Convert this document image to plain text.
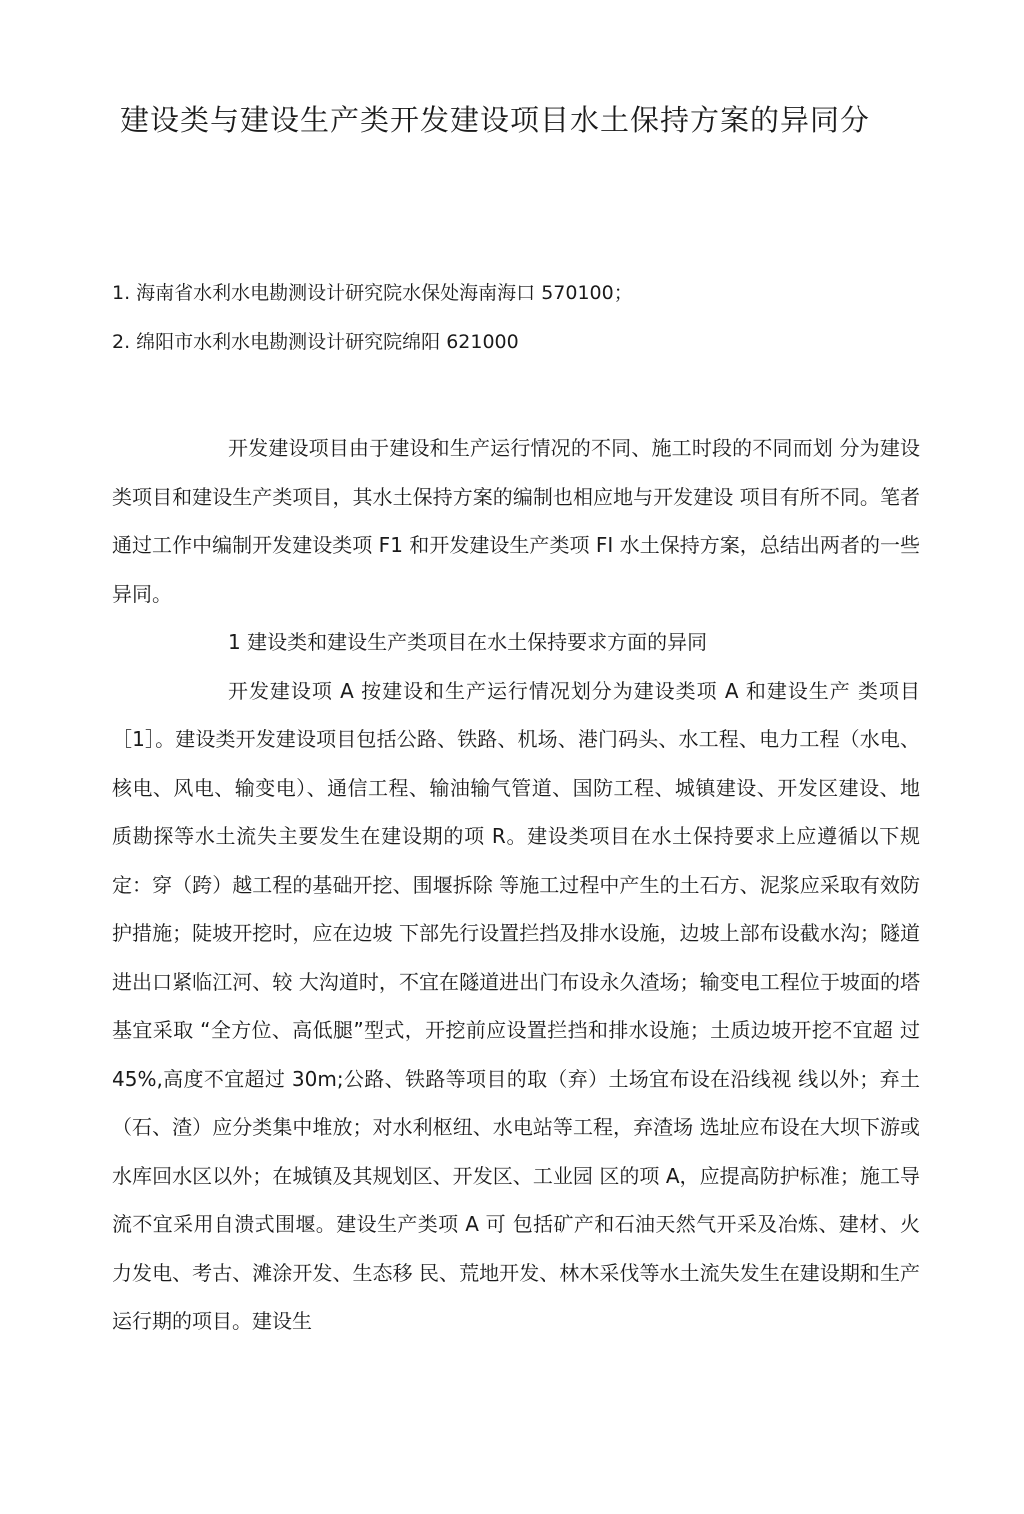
建设类与建设生产类开发建设项目水土保持方案的异同分
1. 海南省水利水电勘测设计研究院水保处海南海口 570100；
2. 绵阳市水利水电勘测设计研究院绵阳 621000

开发建设项目由于建设和生产运行情况的不同、施工时段的不同而划 分为建设类项目和建设生产类项目，其水土保持方案的编制也相应地与开发建设 项目有所不同。笔者通过工作中编制开发建设类项 F1 和开发建设生产类项 FI 水土保持方案，总结出两者的一些异同。

1 建设类和建设生产类项目在水土保持要求方面的异同

开发建设项 A 按建设和生产运行情况划分为建设类项 A 和建设生产 类项目［1］。建设类开发建设项目包括公路、铁路、机场、港门码头、水工程、电力工程（水电、核电、风电、输变电）、通信工程、输油输气管道、国防工程、城镇建设、开发区建设、地质勘探等水土流失主要发生在建设期的项 R。建设类项目在水土保持要求上应遵循以下规定：穿（跨）越工程的基础开挖、围堰拆除 等施工过程中产生的土石方、泥浆应采取有效防护措施；陡坡开挖时，应在边坡 下部先行设置拦挡及排水设施，边坡上部布设截水沟；隧道进出口紧临江河、较 大沟道时，不宜在隧道进出门布设永久渣场；输变电工程位于坡面的塔基宜采取 “全方位、高低腿”型式，开挖前应设置拦挡和排水设施；土质边坡开挖不宜超 过 45%,高度不宜超过 30m;公路、铁路等项目的取（弃）土场宜布设在沿线视 线以外；弃土（石、渣）应分类集中堆放；对水利枢纽、水电站等工程，弃渣场 选址应布设在大坝下游或水库回水区以外；在城镇及其规划区、开发区、工业园 区的项 A，应提高防护标准；施工导流不宜采用自溃式围堰。建设生产类项 A 可 包括矿产和石油天然气开采及冶炼、建材、火力发电、考古、滩涂开发、生态移 民、荒地开发、林木采伐等水土流失发生在建设期和生产运行期的项目。建设生
